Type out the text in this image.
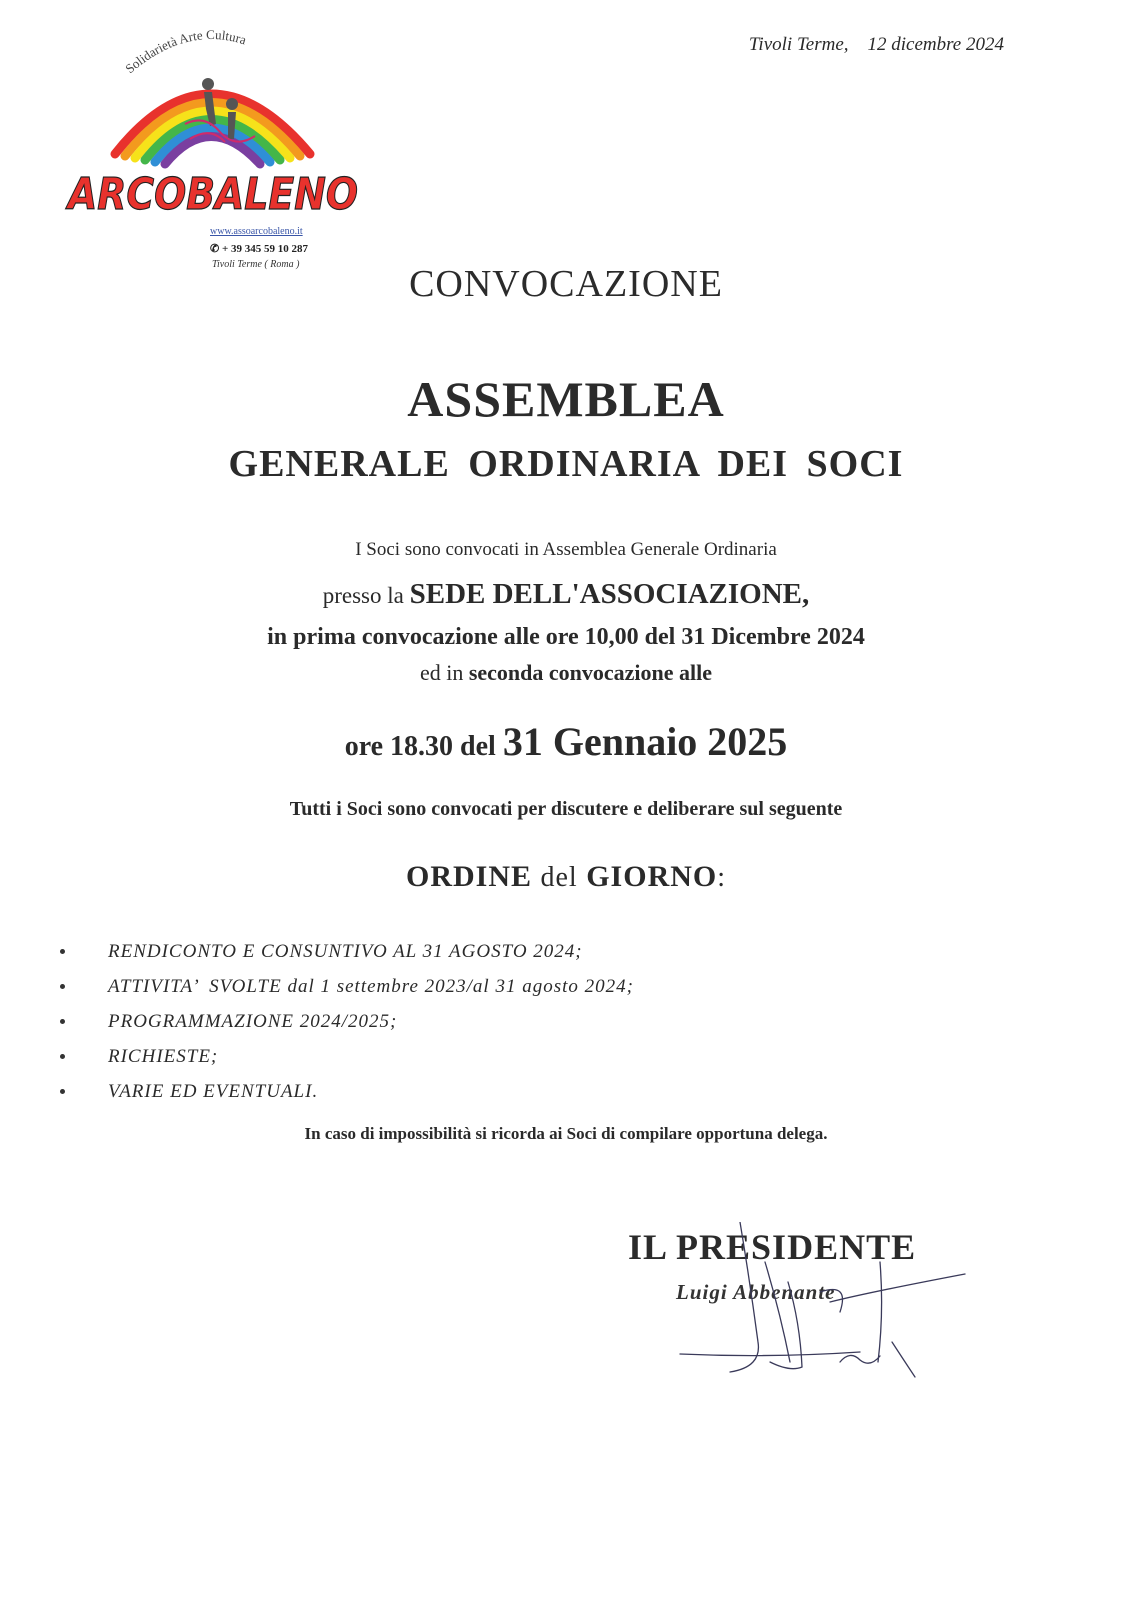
Solidarietà Arte Cultura
ARCOBALENO
www.assoarcobaleno.it
✆ + 39 345 59 10 287
Tivoli Terme ( Roma )
Tivoli Terme,    12 dicembre 2024
CONVOCAZIONE
ASSEMBLEA
GENERALE ORDINARIA DEI SOCI
I Soci sono convocati in Assemblea Generale Ordinaria
presso la SEDE DELL'ASSOCIAZIONE,
in prima convocazione alle ore 10,00 del 31 Dicembre 2024
ed in seconda convocazione alle
ore 18.30 del 31 Gennaio 2025
Tutti i Soci sono convocati per discutere e deliberare sul seguente
ORDINE del GIORNO:
RENDICONTO E CONSUNTIVO AL 31 AGOSTO 2024;
ATTIVITA’  SVOLTE dal 1 settembre 2023/al 31 agosto 2024;
PROGRAMMAZIONE 2024/2025;
RICHIESTE;
VARIE ED EVENTUALI.
In caso di impossibilità si ricorda ai Soci di compilare opportuna delega.
IL PRESIDENTE
Luigi Abbenante
